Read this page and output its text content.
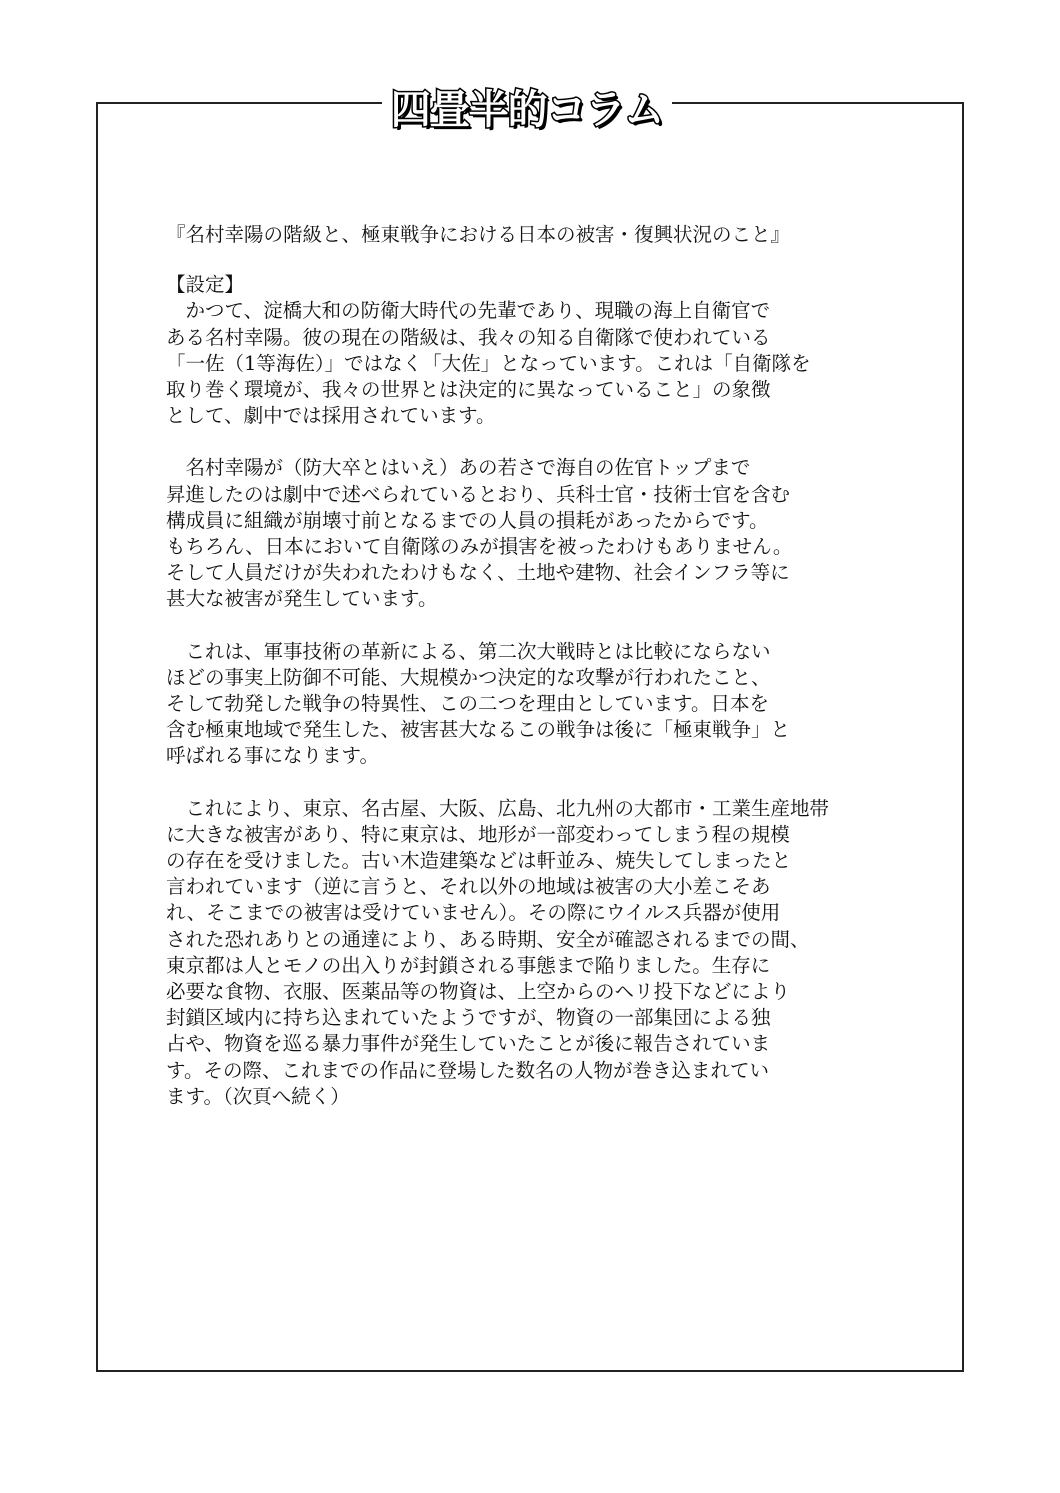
四畳半的コラム
『名村幸陽の階級と、極東戦争における日本の被害・復興状況のこと』
【設定】
　かつて、淀橋大和の防衛大時代の先輩であり、現職の海上自衛官で
ある名村幸陽。彼の現在の階級は、我々の知る自衛隊で使われている
「一佐（1等海佐）」ではなく「大佐」となっています。これは「自衛隊を
取り巻く環境が、我々の世界とは決定的に異なっていること」の象徴
として、劇中では採用されています。
　名村幸陽が（防大卒とはいえ）あの若さで海自の佐官トップまで
昇進したのは劇中で述べられているとおり、兵科士官・技術士官を含む
構成員に組織が崩壊寸前となるまでの人員の損耗があったからです。
もちろん、日本において自衛隊のみが損害を被ったわけもありません。
そして人員だけが失われたわけもなく、土地や建物、社会インフラ等に
甚大な被害が発生しています。
　これは、軍事技術の革新による、第二次大戦時とは比較にならない
ほどの事実上防御不可能、大規模かつ決定的な攻撃が行われたこと、
そして勃発した戦争の特異性、この二つを理由としています。日本を
含む極東地域で発生した、被害甚大なるこの戦争は後に「極東戦争」と
呼ばれる事になります。
　これにより、東京、名古屋、大阪、広島、北九州の大都市・工業生産地帯
に大きな被害があり、特に東京は、地形が一部変わってしまう程の規模
の存在を受けました。古い木造建築などは軒並み、焼失してしまったと
言われています（逆に言うと、それ以外の地域は被害の大小差こそあ
れ、そこまでの被害は受けていません）。その際にウイルス兵器が使用
された恐れありとの通達により、ある時期、安全が確認されるまでの間、
東京都は人とモノの出入りが封鎖される事態まで陥りました。生存に
必要な食物、衣服、医薬品等の物資は、上空からのヘリ投下などにより
封鎖区域内に持ち込まれていたようですが、物資の一部集団による独
占や、物資を巡る暴力事件が発生していたことが後に報告されていま
す。その際、これまでの作品に登場した数名の人物が巻き込まれてい
ます。（次頁へ続く）
